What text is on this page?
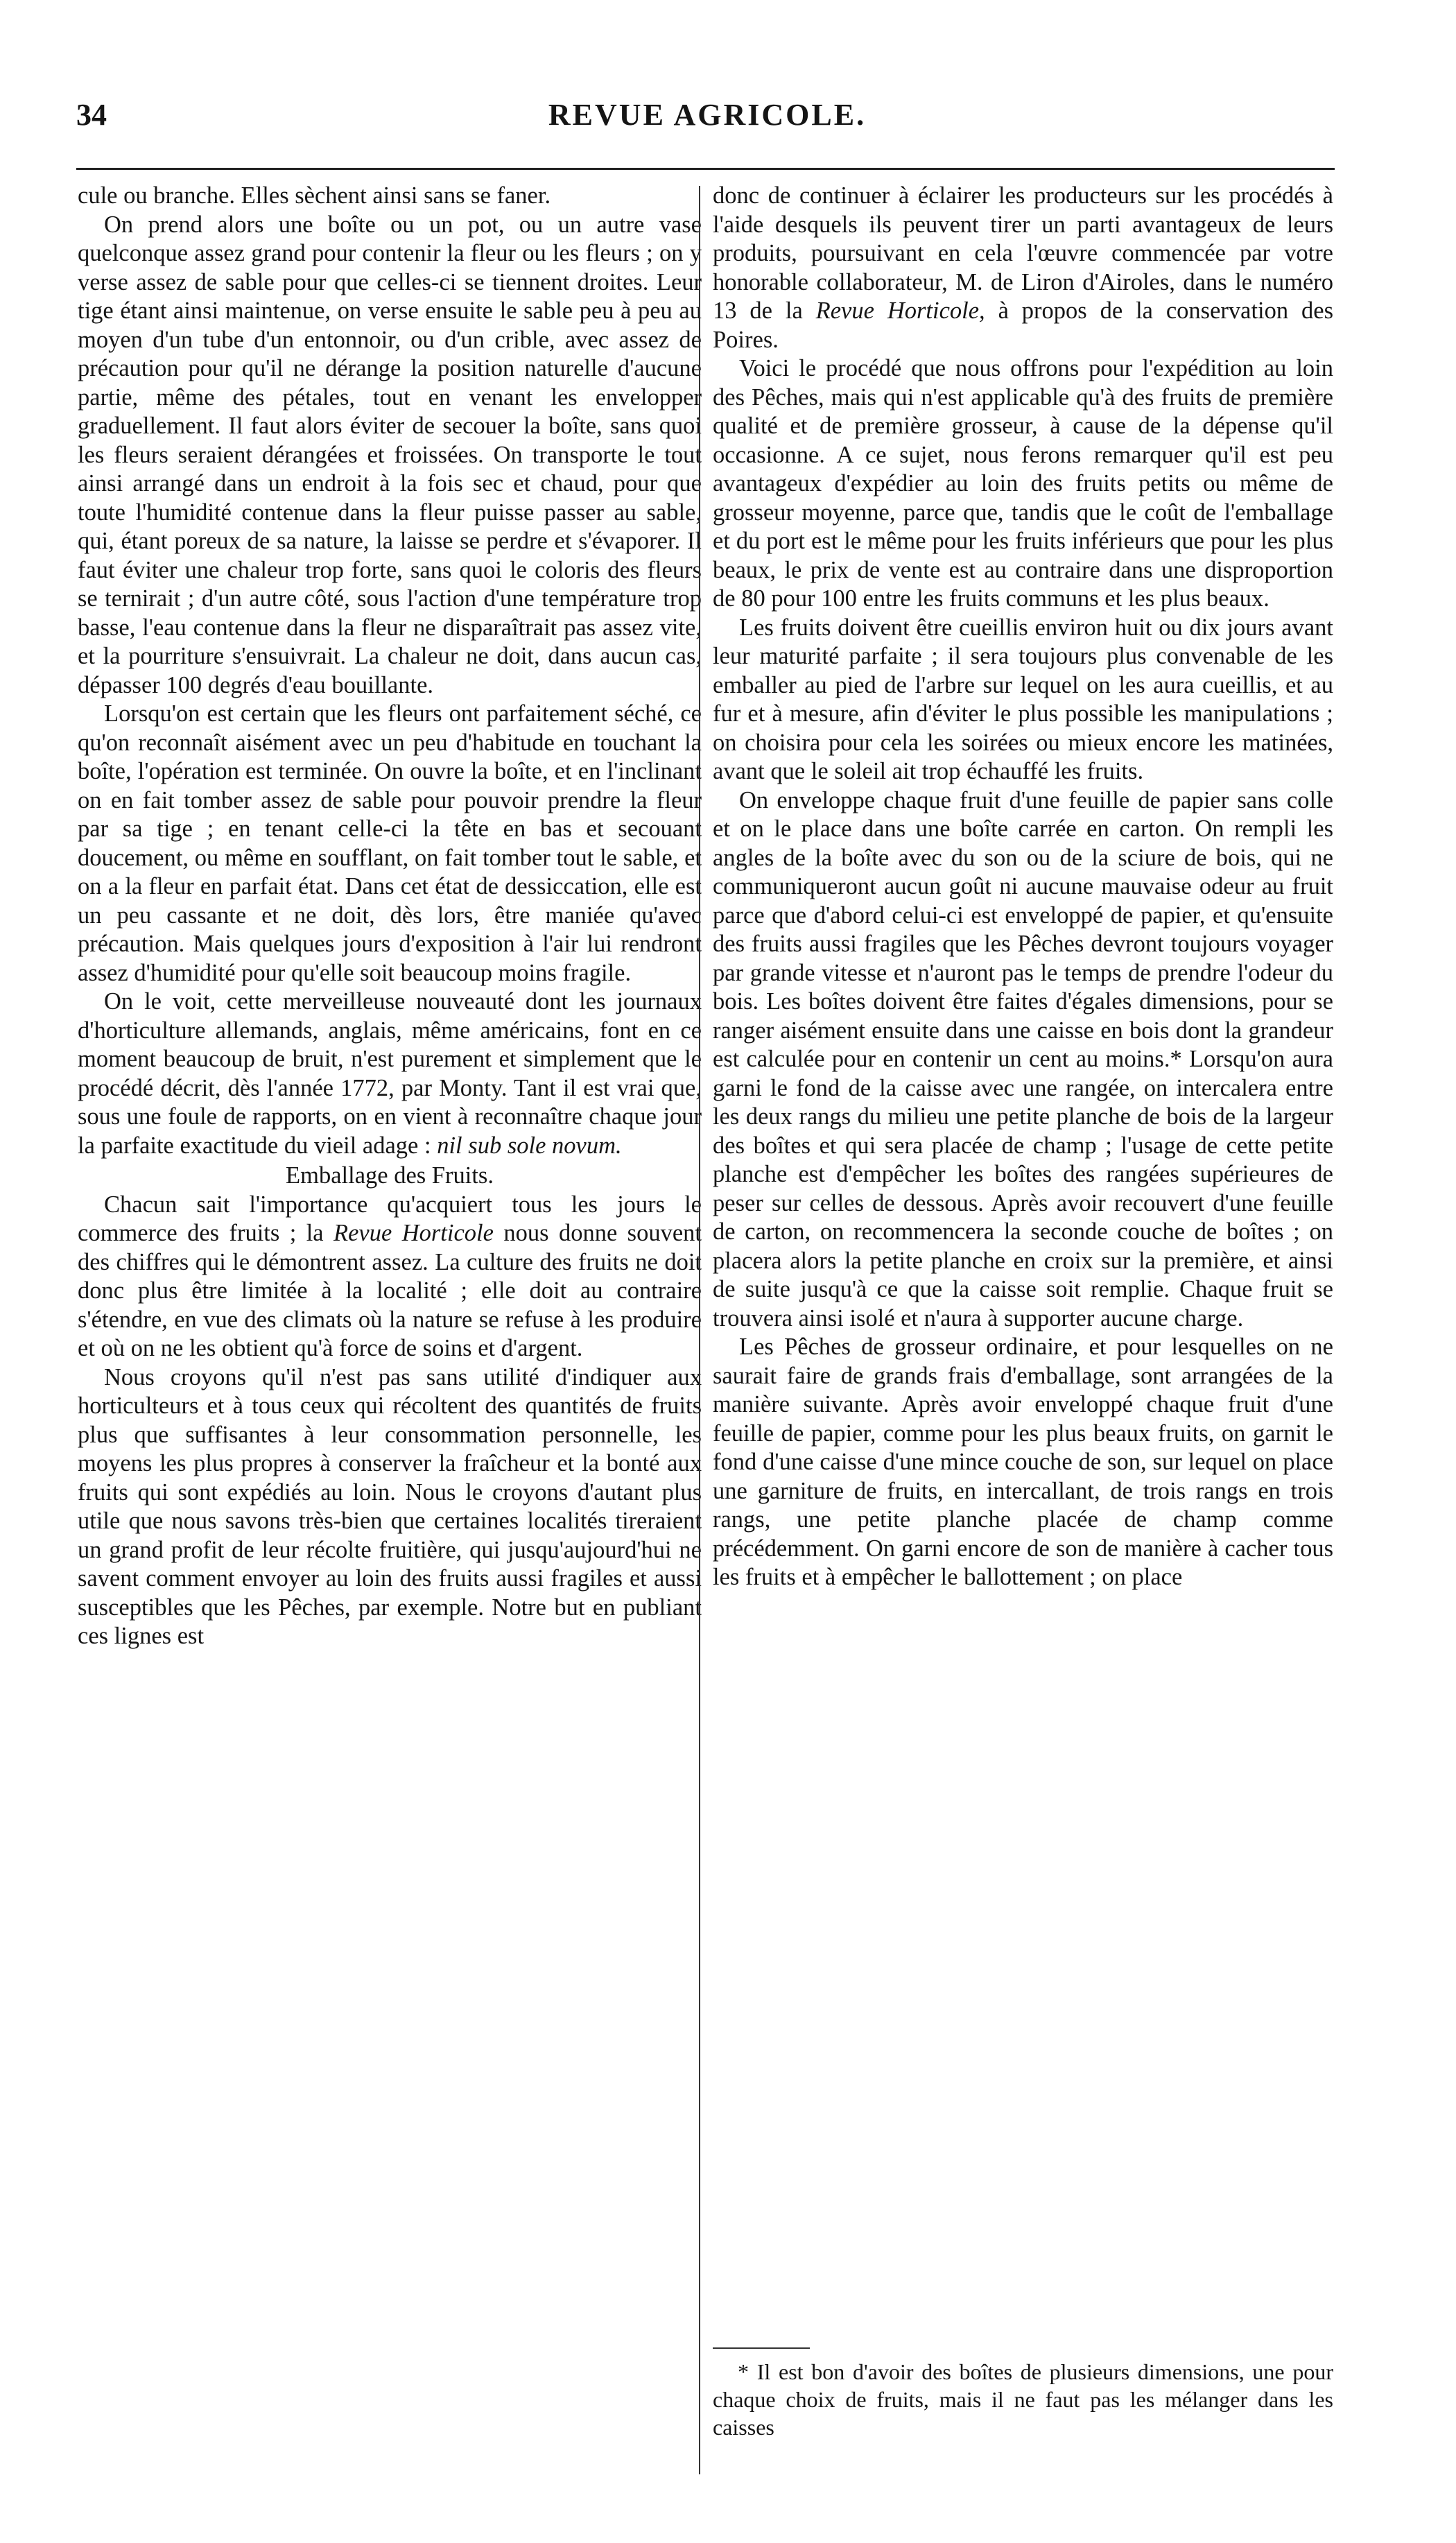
34	REVUE AGRICOLE.

cule ou branche. Elles sèchent ainsi sans se faner.

On prend alors une boîte ou un pot, ou un autre vase quelconque assez grand pour contenir la fleur ou les fleurs ; on y verse assez de sable pour que celles-ci se tiennent droites. Leur tige étant ainsi maintenue, on verse ensuite le sable peu à peu au moyen d'un tube d'un entonnoir, ou d'un crible, avec assez de précaution pour qu'il ne dérange la position naturelle d'aucune partie, même des pétales, tout en venant les envelopper graduellement. Il faut alors éviter de secouer la boîte, sans quoi les fleurs seraient dérangées et froissées. On transporte le tout ainsi arrangé dans un endroit à la fois sec et chaud, pour que toute l'humidité contenue dans la fleur puisse passer au sable, qui, étant poreux de sa nature, la laisse se perdre et s'évaporer. Il faut éviter une chaleur trop forte, sans quoi le coloris des fleurs se ternirait ; d'un autre côté, sous l'action d'une température trop basse, l'eau contenue dans la fleur ne disparaîtrait pas assez vite, et la pourriture s'ensuivrait. La chaleur ne doit, dans aucun cas, dépasser 100 degrés d'eau bouillante.

Lorsqu'on est certain que les fleurs ont parfaitement séché, ce qu'on reconnaît aisément avec un peu d'habitude en touchant la boîte, l'opération est terminée. On ouvre la boîte, et en l'inclinant on en fait tomber assez de sable pour pouvoir prendre la fleur par sa tige ; en tenant celle-ci la tête en bas et secouant doucement, ou même en soufflant, on fait tomber tout le sable, et on a la fleur en parfait état. Dans cet état de dessiccation, elle est un peu cassante et ne doit, dès lors, être maniée qu'avec précaution. Mais quelques jours d'exposition à l'air lui rendront assez d'humidité pour qu'elle soit beaucoup moins fragile.

On le voit, cette merveilleuse nouveauté dont les journaux d'horticulture allemands, anglais, même américains, font en ce moment beaucoup de bruit, n'est purement et simplement que le procédé décrit, dès l'année 1772, par Monty. Tant il est vrai que, sous une foule de rapports, on en vient à reconnaître chaque jour la parfaite exactitude du vieil adage : nil sub sole novum.

Emballage des Fruits.

Chacun sait l'importance qu'acquiert tous les jours le commerce des fruits ; la Revue Horticole nous donne souvent des chiffres qui le démontrent assez. La culture des fruits ne doit donc plus être limitée à la localité ; elle doit au contraire s'étendre, en vue des climats où la nature se refuse à les produire et où on ne les obtient qu'à force de soins et d'argent.

Nous croyons qu'il n'est pas sans utilité d'indiquer aux horticulteurs et à tous ceux qui récoltent des quantités de fruits plus que suffisantes à leur consommation personnelle, les moyens les plus propres à conserver la fraîcheur et la bonté aux fruits qui sont expédiés au loin. Nous le croyons d'autant plus utile que nous savons très-bien que certaines localités tireraient un grand profit de leur récolte fruitière, qui jusqu'aujourd'hui ne savent comment envoyer au loin des fruits aussi fragiles et aussi susceptibles que les Pêches, par exemple. Notre but en publiant ces lignes est

donc de continuer à éclairer les producteurs sur les procédés à l'aide desquels ils peuvent tirer un parti avantageux de leurs produits, poursuivant en cela l'œuvre commencée par votre honorable collaborateur, M. de Liron d'Airoles, dans le numéro 13 de la Revue Horticole, à propos de la conservation des Poires.

Voici le procédé que nous offrons pour l'expédition au loin des Pêches, mais qui n'est applicable qu'à des fruits de première qualité et de première grosseur, à cause de la dépense qu'il occasionne. A ce sujet, nous ferons remarquer qu'il est peu avantageux d'expédier au loin des fruits petits ou même de grosseur moyenne, parce que, tandis que le coût de l'emballage et du port est le même pour les fruits inférieurs que pour les plus beaux, le prix de vente est au contraire dans une disproportion de 80 pour 100 entre les fruits communs et les plus beaux.

Les fruits doivent être cueillis environ huit ou dix jours avant leur maturité parfaite ; il sera toujours plus convenable de les emballer au pied de l'arbre sur lequel on les aura cueillis, et au fur et à mesure, afin d'éviter le plus possible les manipulations ; on choisira pour cela les soirées ou mieux encore les matinées, avant que le soleil ait trop échauffé les fruits.

On enveloppe chaque fruit d'une feuille de papier sans colle et on le place dans une boîte carrée en carton. On rempli les angles de la boîte avec du son ou de la sciure de bois, qui ne communiqueront aucun goût ni aucune mauvaise odeur au fruit parce que d'abord celui-ci est enveloppé de papier, et qu'ensuite des fruits aussi fragiles que les Pêches devront toujours voyager par grande vitesse et n'auront pas le temps de prendre l'odeur du bois. Les boîtes doivent être faites d'égales dimensions, pour se ranger aisément ensuite dans une caisse en bois dont la grandeur est calculée pour en contenir un cent au moins.* Lorsqu'on aura garni le fond de la caisse avec une rangée, on intercalera entre les deux rangs du milieu une petite planche de bois de la largeur des boîtes et qui sera placée de champ ; l'usage de cette petite planche est d'empêcher les boîtes des rangées supérieures de peser sur celles de dessous. Après avoir recouvert d'une feuille de carton, on recommencera la seconde couche de boîtes ; on placera alors la petite planche en croix sur la première, et ainsi de suite jusqu'à ce que la caisse soit remplie. Chaque fruit se trouvera ainsi isolé et n'aura à supporter aucune charge.

Les Pêches de grosseur ordinaire, et pour lesquelles on ne saurait faire de grands frais d'emballage, sont arrangées de la manière suivante. Après avoir enveloppé chaque fruit d'une feuille de papier, comme pour les plus beaux fruits, on garnit le fond d'une caisse d'une mince couche de son, sur lequel on place une garniture de fruits, en intercallant, de trois rangs en trois rangs, une petite planche placée de champ comme précédemment. On garni encore de son de manière à cacher tous les fruits et à empêcher le ballottement ; on place

* Il est bon d'avoir des boîtes de plusieurs dimensions, une pour chaque choix de fruits, mais il ne faut pas les mélanger dans les caisses
